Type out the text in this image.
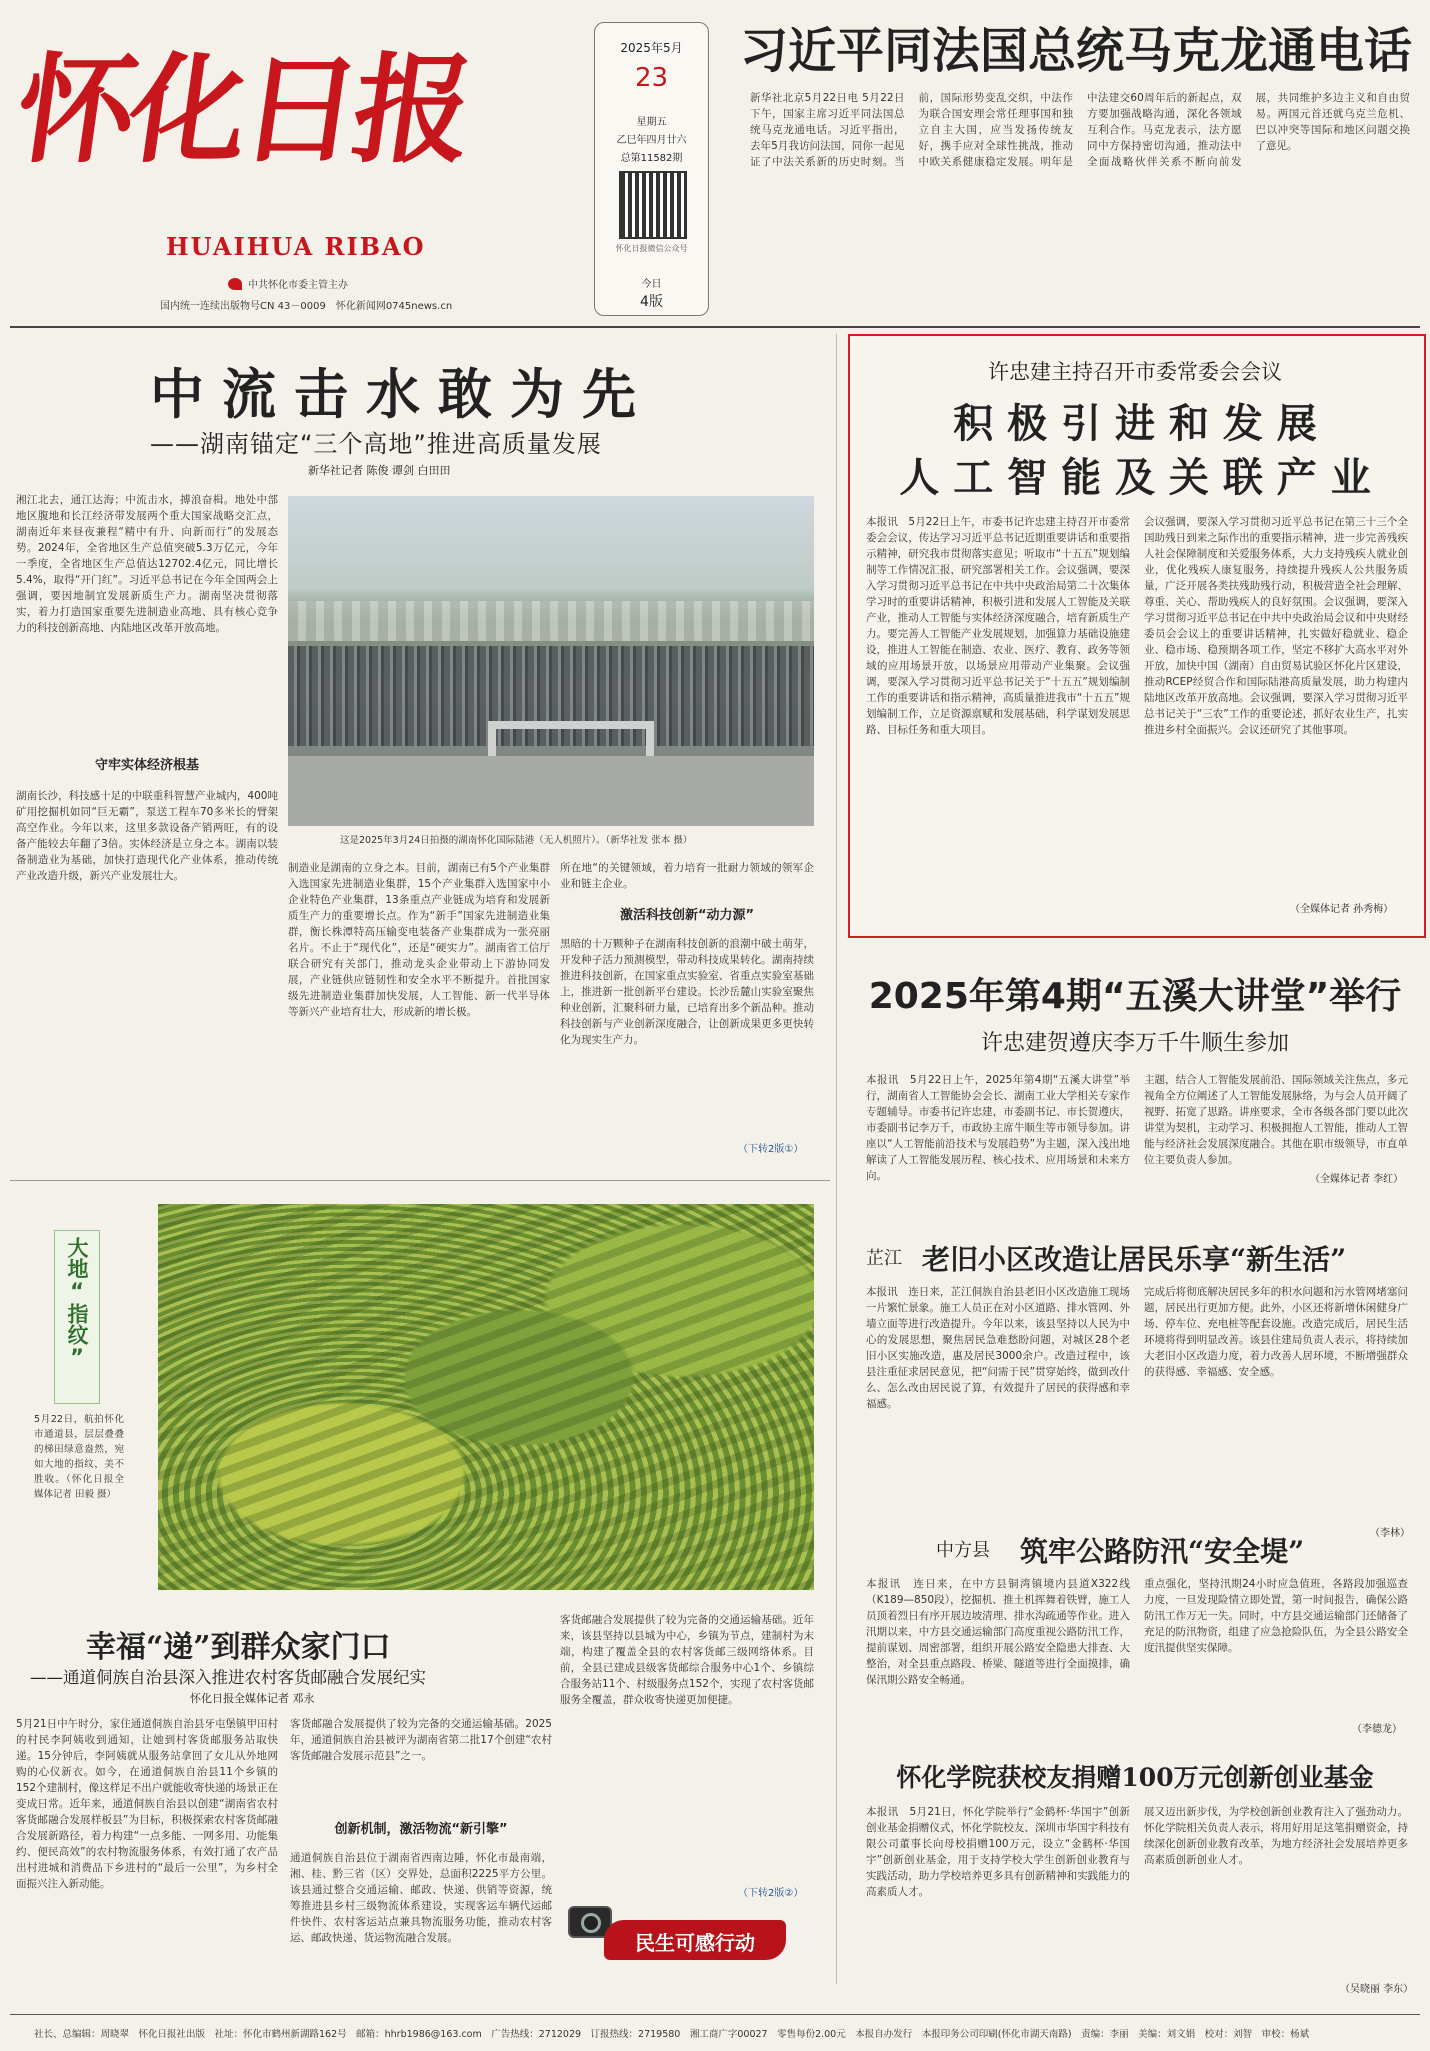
怀化日报
HUAIHUA RIBAO
中共怀化市委主管主办
国内统一连续出版物号CN 43－0009　怀化新闻网0745news.cn
2025年5月
23
星期五
乙巳年四月廿六
总第11582期
怀化日报微信公众号
今日
4版
习近平同法国总统马克龙通电话
新华社北京5月22日电 5月22日下午，国家主席习近平同法国总统马克龙通电话。习近平指出，去年5月我访问法国，同你一起见证了中法关系新的历史时刻。当前，国际形势变乱交织，中法作为联合国安理会常任理事国和独立自主大国，应当发扬传统友好，携手应对全球性挑战，推动中欧关系健康稳定发展。明年是中法建交60周年后的新起点，双方要加强战略沟通，深化各领域互利合作。马克龙表示，法方愿同中方保持密切沟通，推动法中全面战略伙伴关系不断向前发展，共同维护多边主义和自由贸易。两国元首还就乌克兰危机、巴以冲突等国际和地区问题交换了意见。
中流击水敢为先
——湖南锚定“三个高地”推进高质量发展
新华社记者 陈俊 谭剑 白田田
湘江北去，通江达海；中流击水，搏浪奋楫。地处中部地区腹地和长江经济带发展两个重大国家战略交汇点，湖南近年来昼夜兼程“精中有升、向新而行”的发展态势。2024年，全省地区生产总值突破5.3万亿元，今年一季度，全省地区生产总值达12702.4亿元，同比增长5.4%，取得“开门红”。习近平总书记在今年全国两会上强调，要因地制宜发展新质生产力。湖南坚决贯彻落实，着力打造国家重要先进制造业高地、具有核心竞争力的科技创新高地、内陆地区改革开放高地。
守牢实体经济根基
湖南长沙，科技感十足的中联重科智慧产业城内，400吨矿用挖掘机如同“巨无霸”，泵送工程车70多米长的臂架高空作业。今年以来，这里多款设备产销两旺，有的设备产能较去年翻了3倍。实体经济是立身之本。湖南以装备制造业为基础，加快打造现代化产业体系，推动传统产业改造升级，新兴产业发展壮大。
这是2025年3月24日拍摄的湖南怀化国际陆港（无人机照片）。（新华社发 张本 摄）
制造业是湖南的立身之本。目前，湖南已有5个产业集群入选国家先进制造业集群，15个产业集群入选国家中小企业特色产业集群，13条重点产业链成为培育和发展新质生产力的重要增长点。作为“新手”国家先进制造业集群，衡长株潭特高压输变电装备产业集群成为一张亮丽名片。不止于“现代化”，还是“硬实力”。湖南省工信厅联合研究有关部门，推动龙头企业带动上下游协同发展，产业链供应链韧性和安全水平不断提升。首批国家级先进制造业集群加快发展，人工智能、新一代半导体等新兴产业培育壮大，形成新的增长极。
所在地“的关键领域，着力培育一批耐力领域的领军企业和链主企业。
激活科技创新“动力源”
黑暗的十万颗种子在湖南科技创新的浪潮中破土萌芽，开发种子活力预测模型，带动科技成果转化。湖南持续推进科技创新，在国家重点实验室、省重点实验室基础上，推进新一批创新平台建设。长沙岳麓山实验室聚焦种业创新，汇聚科研力量，已培育出多个新品种。推动科技创新与产业创新深度融合，让创新成果更多更快转化为现实生产力。
（下转2版①）
许忠建主持召开市委常委会会议
积 极 引 进 和 发 展
人 工 智 能 及 关 联 产 业
本报讯　5月22日上午，市委书记许忠建主持召开市委常委会会议，传达学习习近平总书记近期重要讲话和重要指示精神，研究我市贯彻落实意见；听取市“十五五”规划编制等工作情况汇报，研究部署相关工作。会议强调，要深入学习贯彻习近平总书记在中共中央政治局第二十次集体学习时的重要讲话精神，积极引进和发展人工智能及关联产业，推动人工智能与实体经济深度融合，培育新质生产力。要完善人工智能产业发展规划，加强算力基础设施建设，推进人工智能在制造、农业、医疗、教育、政务等领域的应用场景开放，以场景应用带动产业集聚。会议强调，要深入学习贯彻习近平总书记关于“十五五”规划编制工作的重要讲话和指示精神，高质量推进我市“十五五”规划编制工作，立足资源禀赋和发展基础，科学谋划发展思路、目标任务和重大项目。
会议强调，要深入学习贯彻习近平总书记在第三十三个全国助残日到来之际作出的重要指示精神，进一步完善残疾人社会保障制度和关爱服务体系，大力支持残疾人就业创业，优化残疾人康复服务，持续提升残疾人公共服务质量，广泛开展各类扶残助残行动，积极营造全社会理解、尊重、关心、帮助残疾人的良好氛围。会议强调，要深入学习贯彻习近平总书记在中共中央政治局会议和中央财经委员会会议上的重要讲话精神，扎实做好稳就业、稳企业、稳市场、稳预期各项工作，坚定不移扩大高水平对外开放，加快中国（湖南）自由贸易试验区怀化片区建设，推动RCEP经贸合作和国际陆港高质量发展，助力构建内陆地区改革开放高地。会议强调，要深入学习贯彻习近平总书记关于“三农”工作的重要论述，抓好农业生产，扎实推进乡村全面振兴。会议还研究了其他事项。
（全媒体记者 孙秀梅）
2025年第4期“五溪大讲堂”举行
许忠建贺遵庆李万千牛顺生参加
本报讯　5月22日上午，2025年第4期“五溪大讲堂”举行，湖南省人工智能协会会长、湖南工业大学相关专家作专题辅导。市委书记许忠建，市委副书记、市长贺遵庆，市委副书记李万千，市政协主席牛顺生等市领导参加。讲座以“人工智能前沿技术与发展趋势”为主题，深入浅出地解读了人工智能发展历程、核心技术、应用场景和未来方向。
主题，结合人工智能发展前沿、国际领域关注焦点，多元视角全方位阐述了人工智能发展脉络，为与会人员开阔了视野、拓宽了思路。讲座要求，全市各级各部门要以此次讲堂为契机，主动学习、积极拥抱人工智能，推动人工智能与经济社会发展深度融合。其他在职市级领导，市直单位主要负责人参加。
（全媒体记者 李红）
大地“指纹”
5月22日，航拍怀化市通道县，层层叠叠的梯田绿意盎然，宛如大地的指纹，美不胜收。（怀化日报全媒体记者 田毅 摄）
芷江 老旧小区改造让居民乐享“新生活”
本报讯　连日来，芷江侗族自治县老旧小区改造施工现场一片繁忙景象。施工人员正在对小区道路、排水管网、外墙立面等进行改造提升。今年以来，该县坚持以人民为中心的发展思想，聚焦居民急难愁盼问题，对城区28个老旧小区实施改造，惠及居民3000余户。改造过程中，该县注重征求居民意见，把“问需于民”贯穿始终，做到改什么、怎么改由居民说了算，有效提升了居民的获得感和幸福感。
完成后将彻底解决居民多年的积水问题和污水管网堵塞问题，居民出行更加方便。此外，小区还将新增休闲健身广场、停车位、充电桩等配套设施。改造完成后，居民生活环境将得到明显改善。该县住建局负责人表示，将持续加大老旧小区改造力度，着力改善人居环境，不断增强群众的获得感、幸福感、安全感。
（李林）
中方县 筑牢公路防汛“安全堤”
本报讯　连日来，在中方县铜湾镇境内县道X322线（K189—850段），挖掘机、推土机挥舞着铁臂，施工人员顶着烈日有序开展边坡清理、排水沟疏通等作业。进入汛期以来，中方县交通运输部门高度重视公路防汛工作，提前谋划、周密部署，组织开展公路安全隐患大排查、大整治，对全县重点路段、桥梁、隧道等进行全面摸排，确保汛期公路安全畅通。
重点强化，坚持汛期24小时应急值班，各路段加强巡查力度，一旦发现险情立即处置，第一时间报告，确保公路防汛工作万无一失。同时，中方县交通运输部门还储备了充足的防汛物资，组建了应急抢险队伍，为全县公路安全度汛提供坚实保障。
（李德龙）
幸福“递”到群众家门口
——通道侗族自治县深入推进农村客货邮融合发展纪实
怀化日报全媒体记者 邓永
5月21日中午时分，家住通道侗族自治县牙屯堡镇甲田村的村民李阿姨收到通知，让她到村客货邮服务站取快递。15分钟后，李阿姨就从服务站拿回了女儿从外地网购的心仪新衣。如今，在通道侗族自治县11个乡镇的152个建制村，像这样足不出户就能收寄快递的场景正在变成日常。近年来，通道侗族自治县以创建“湖南省农村客货邮融合发展样板县”为目标，积极探索农村客货邮融合发展新路径，着力构建“一点多能、一网多用、功能集约、便民高效”的农村物流服务体系，有效打通了农产品出村进城和消费品下乡进村的“最后一公里”，为乡村全面振兴注入新动能。
客货邮融合发展提供了较为完备的交通运输基础。2025年，通道侗族自治县被评为湖南省第二批17个创建“农村客货邮融合发展示范县”之一。
创新机制，激活物流“新引擎”
通道侗族自治县位于湖南省西南边陲，怀化市最南端，湘、桂、黔三省（区）交界处，总面积2225平方公里。该县通过整合交通运输、邮政、快递、供销等资源，统筹推进县乡村三级物流体系建设，实现客运车辆代运邮件快件、农村客运站点兼具物流服务功能，推动农村客运、邮政快递、货运物流融合发展。
客货邮融合发展提供了较为完备的交通运输基础。近年来，该县坚持以县城为中心，乡镇为节点，建制村为末端，构建了覆盖全县的农村客货邮三级网络体系。目前，全县已建成县级客货邮综合服务中心1个、乡镇综合服务站11个、村级服务点152个，实现了农村客货邮服务全覆盖，群众收寄快递更加便捷。
（下转2版②）
民生可感行动
怀化学院获校友捐赠100万元创新创业基金
本报讯　5月21日，怀化学院举行“金鹤杯·华国宇”创新创业基金捐赠仪式，怀化学院校友、深圳市华国宇科技有限公司董事长向母校捐赠100万元，设立“金鹤杯·华国宇”创新创业基金，用于支持学校大学生创新创业教育与实践活动，助力学校培养更多具有创新精神和实践能力的高素质人才。
展又迈出新步伐，为学校创新创业教育注入了强劲动力。怀化学院相关负责人表示，将用好用足这笔捐赠资金，持续深化创新创业教育改革，为地方经济社会发展培养更多高素质创新创业人才。
（吴晓丽 李东）
社长、总编辑：周晓翠　怀化日报社出版　社址：怀化市鹤州新湖路162号　邮箱：hhrb1986@163.com　广告热线：2712029　订报热线：2719580　湘工商广字00027　零售每份2.00元　本报自办发行　本报印务公司印刷(怀化市湖天南路)　责编：李丽　美编：刘文娟　校对：刘智　审校：杨斌
